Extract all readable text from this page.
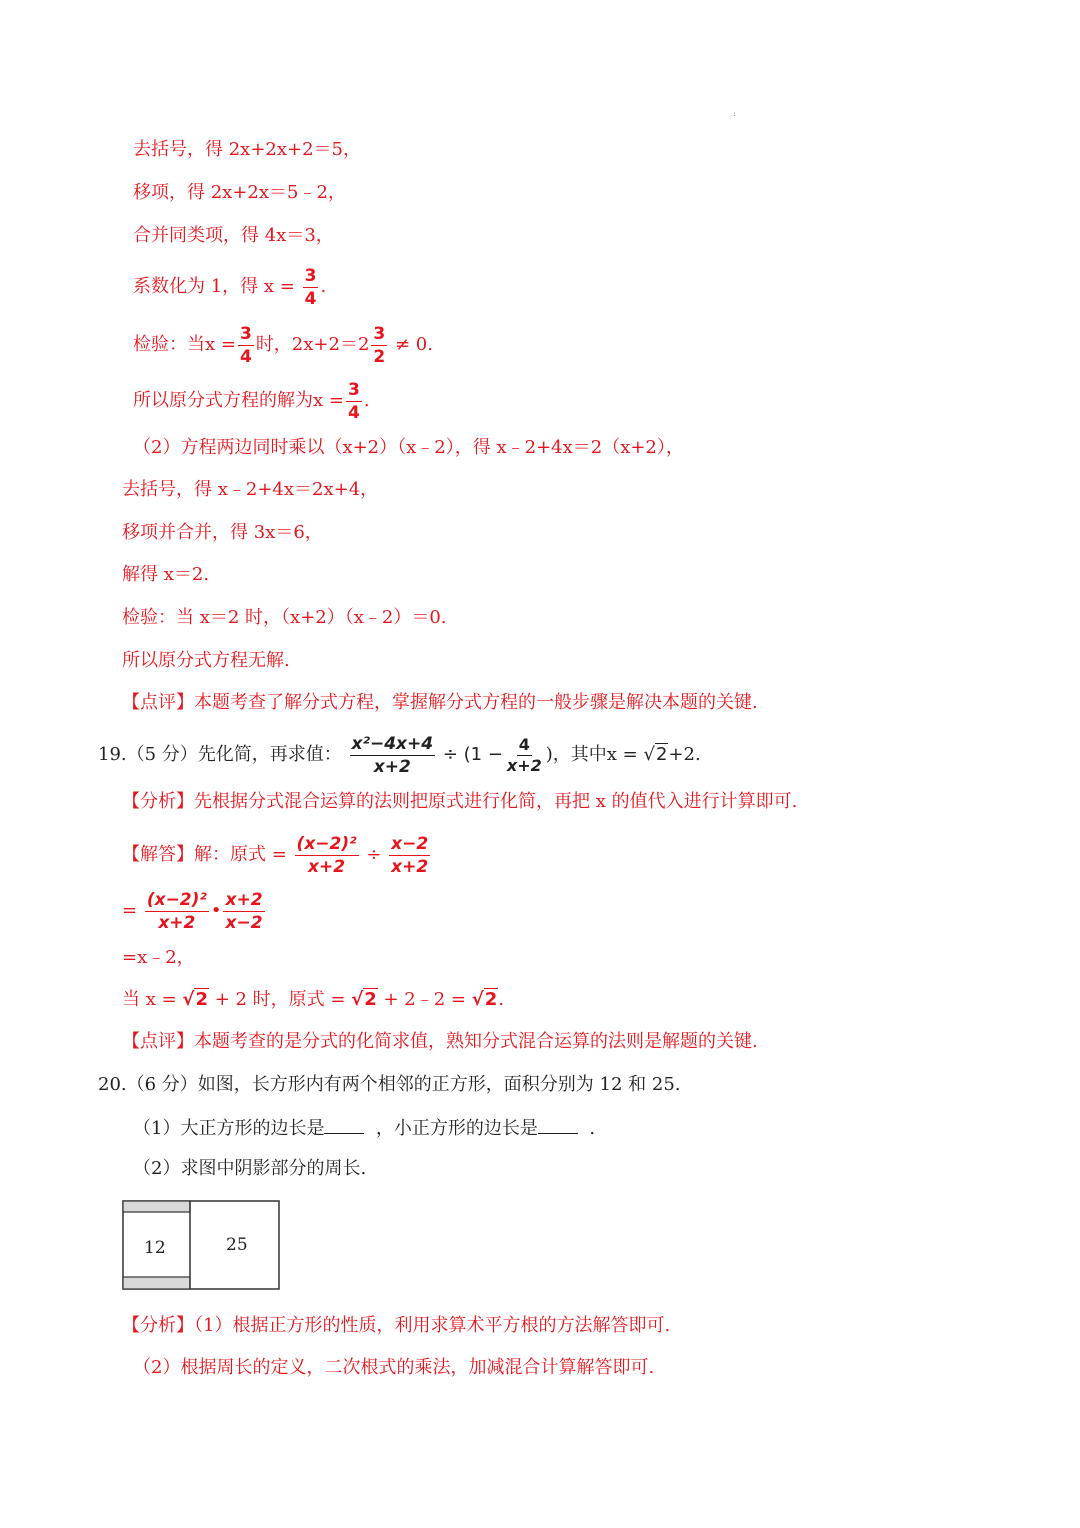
:
去括号，得 2x+2x+2＝5，
移项，得 2x+2x＝5﹣2，
合并同类项，得 4x＝3，
系数化为 1，得 $x = \frac{3}{4}$ .
检验：当$x = \frac{3}{4}$ 时，$2x+2=2 \frac{3}{2} \ne 0$.
所以原分式方程的解为$x = \frac{3}{4}$ .
（2）方程两边同时乘以（x+2）（x﹣2），得 x﹣2+4x＝2（x+2），
去括号，得 x﹣2+4x＝2x+4，
移项并合并，得 3x＝6，
解得 x＝2.
检验：当 x＝2 时，（x+2）（x﹣2）＝0.
所以原分式方程无解.
【点评】本题考查了解分式方程，掌握解分式方程的一般步骤是解决本题的关键.
19.（5 分）先化简，再求值： $\frac{\text{x²−4x+4}}{x+2} \div (1 - \frac{4}{x+2}$ )，其中x = √2+2.
【分析】先根据分式混合运算的法则把原式进行化简，再把 x 的值代入进行计算即可.
【解答】解：原式 = $\frac{\text{(x−2)²}}{x+2} \div \frac{x-2}{x+2}$
= $\frac{\text{(x−2)²}}{x+2}$ • $\frac{x+2}{x-2}$
=x﹣2，
当 x = √2 + 2 时，原式 = √2 + 2﹣2 = √2.
【点评】本题考查的是分式的化简求值，熟知分式混合运算的法则是解题的关键.
20.（6 分）如图，长方形内有两个相邻的正方形，面积分别为 12 和 25.
（1）大正方形的边长是	，小正方形的边长是	.
（2）求图中阴影部分的周长.
12	25
【分析】（1）根据正方形的性质，利用求算术平方根的方法解答即可.
（2）根据周长的定义，二次根式的乘法，加减混合计算解答即可.
